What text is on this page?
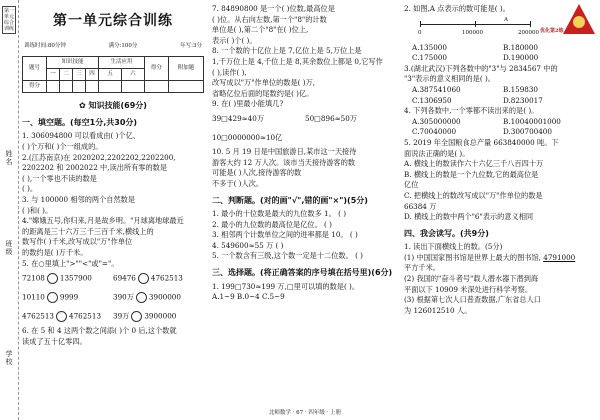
第一单元综合训练
姓名
班级
学校
第一单元综合训练
训练时间:80分钟	满分:100分	年写:3分
题号	知识技能				生活应用		得分	附加题
	一	二	三	四	五	六		
得分								
✿ 知识技能(69分)
一、填空题。(每空1分,共30分)
1. 306094800 可以看成由( )个亿、
( )个万和( )个一组成的。
2.(江苏南京)在 2020202,2202202,2202200,
2202202 和 2002022 中,读出所有零的数是
( ),一个零也不读的数是
( )。
3. 与 100000 相邻的两个自然数是
( )和( )。
4."嫦娥五号,你归来,月是故乡明。"月球离地球最近
的距离是三十六万三千三百千米,横线上的
数写作( )千米,改写成以"万"作单位
的数约是( )万千米。
5. 在○里填上">""<"或"="。
72108 1357900	69476 4762513
10110 9999	390万 3900000
4762513 4762513	39万 3900000
6. 在 5 和 4 这两个数之间添( )个 0 后,这个数就
读成了五十亿零四。
7. 84890800 是一个( )位数,最高位是
( )位。从右向左数,第一个"8"的计数
单位是( ),第二个"8"在( )位上,
表示( )个( )。
8. 一个数的十亿位上是 7,亿位上是 5,万位上是
1,千万位上是 4,千位上是 8,其余数位上都是 0,它写作
( ),读作( ),
改写成以"万"作单位的数是( )万,
省略亿位后面的尾数约是( )亿。
9. 在( )里最小能填几?
39□429≈40万	50□896≈50万
10□0000000≈10亿
10. 5 月 19 日是中国旅游日,某市这一天接待
游客大约 12 万人次。该市当天接待游客的数
可能是( )人次,接待游客的数
不多于( )人次。
二、判断题。(对的画"√",错的画"×")(5分)
1. 最小的十位数是最大的九位数多 1。 ( )
2. 最小的九位数的最高位是亿位。 ( )
3. 相邻两个计数单位之间的进率都是 10。 ( )
4. 549600≈55 万 ( )
5. 一个数含有三级,这个数一定是十二位数。 ( )
三、选择题。(将正确答案的序号填在括号里)(6分)
1. 199□730≈199 万,□里可以填的数是( )。
A.1~9 B.0~4 C.5~9
2. 如图,A 点表示的数可能是( )。
0	100000	200000
A
A.135000	B.180000
C.175000	D.190000
3.(湖北武汉)下列各数中的"3"与 2834567 中的
"3"表示的意义相同的是( )。
A.387541060	B.159830
C.1306950	D.8230017
4. 下列各数中,一个零都不读出来的是( )。
A.305000000	B.10040001000
C.70040000	D.300700400
5. 2019 年全国粮食总产量 663840000 吨。下
面说法正确的是( )。
A. 横线上的数读作六十六亿三千八百四十万
B. 横线上的数是一个九位数,它的最高位是
亿位
C. 把横线上的数改写成以"万"作单位的数是
66384 万
D. 横线上的数中两个"6"表示的意义相同
四、我会读写。(共9分)
1. 读出下面横线上的数。(5分)
(1) 中国国家图书馆是世界上最大的图书馆, 4791000
平方千米。
(2) 我国的"奋斗者号"载人潜水器下潜到海
平面以下 10909 米深处进行科学考察。
(3) 根据第七次人口普查数据,广东省总人口
为 126012510 人。
北师数学 · 67 · 四年级 · 上册
优化第2练
